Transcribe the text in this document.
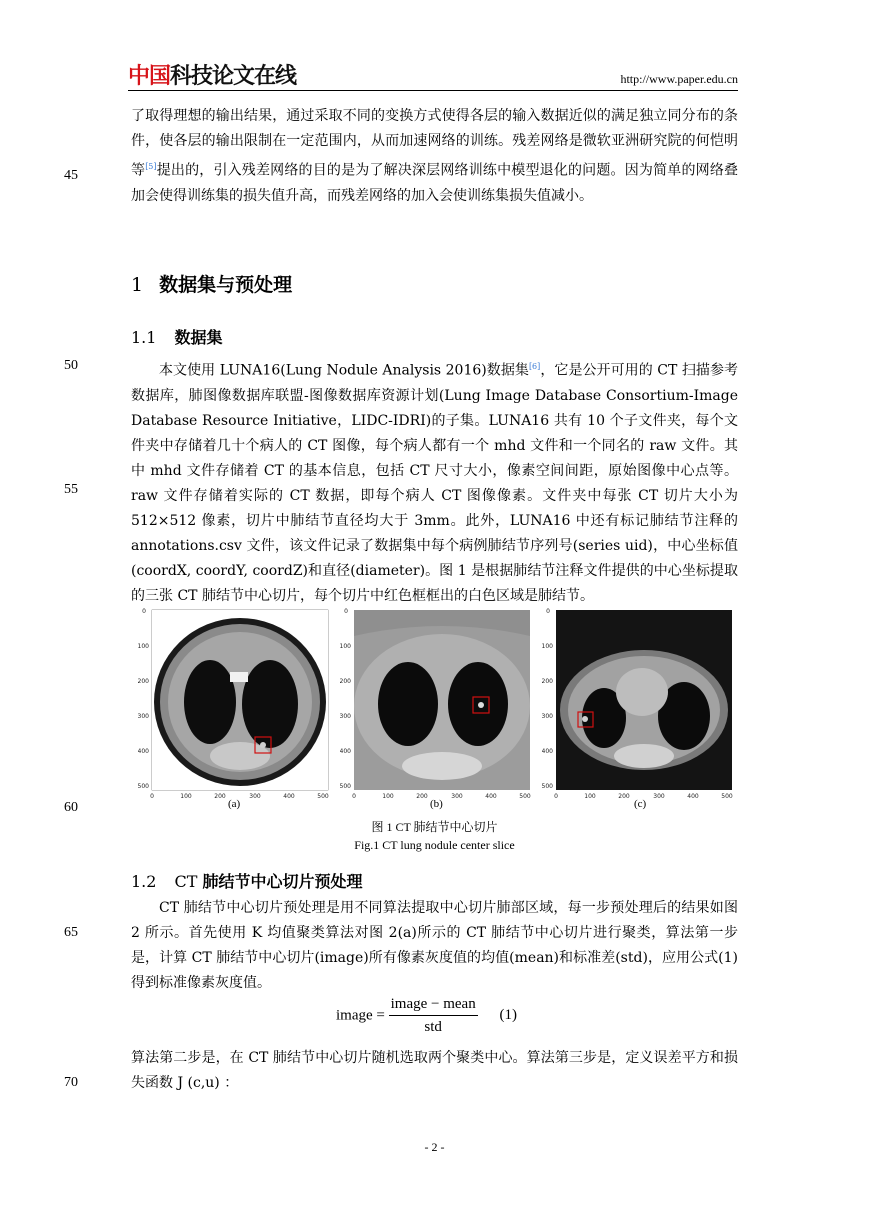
中国科技论文在线	http://www.paper.edu.cn

了取得理想的输出结果，通过采取不同的变换方式使得各层的输入数据近似的满足独立同分布的条件，使各层的输出限制在一定范围内，从而加速网络的训练。残差网络是微软亚洲研究院的何恺明等[5]提出的，引入残差网络的目的是为了解决深层网络训练中模型退化的问题。因为简单的网络叠加会使得训练集的损失值升高，而残差网络的加入会使训练集损失值减小。

45
50
55
60
65
70
1 数据集与预处理
1.1 数据集

本文使用 LUNA16(Lung Nodule Analysis 2016)数据集[6]，它是公开可用的 CT 扫描参考数据库，肺图像数据库联盟-图像数据库资源计划(Lung Image Database Consortium-Image Database Resource Initiative，LIDC-IDRI)的子集。LUNA16 共有 10 个子文件夹，每个文件夹中存储着几十个病人的 CT 图像，每个病人都有一个 mhd 文件和一个同名的 raw 文件。其中 mhd 文件存储着 CT 的基本信息，包括 CT 尺寸大小，像素空间间距，原始图像中心点等。raw 文件存储着实际的 CT 数据，即每个病人 CT 图像像素。文件夹中每张 CT 切片大小为 512×512 像素，切片中肺结节直径均大于 3mm。此外，LUNA16 中还有标记肺结节注释的 annotations.csv 文件，该文件记录了数据集中每个病例肺结节序列号(series uid)，中心坐标值(coordX, coordY, coordZ)和直径(diameter)。图 1 是根据肺结节注释文件提供的中心坐标提取的三张 CT 肺结节中心切片，每个切片中红色框框出的白色区域是肺结节。

0
100
200
300
400
500
0	100	200	300	400	500
(a)
0
100
200
300
400
500
0	100	200	300	400	500
(b)
0
100
200
300
400
500
0	100	200	300	400	500
(c)
图 1 CT 肺结节中心切片
Fig.1 CT lung nodule center slice
1.2 CT 肺结节中心切片预处理

CT 肺结节中心切片预处理是用不同算法提取中心切片肺部区域，每一步预处理后的结果如图 2 所示。首先使用 K 均值聚类算法对图 2(a)所示的 CT 肺结节中心切片进行聚类，算法第一步是，计算 CT 肺结节中心切片(image)所有像素灰度值的均值(mean)和标准差(std)，应用公式(1)得到标准像素灰度值。

image = $\frac{\text{image − mean}}{\text{std}} (1)$

算法第二步是，在 CT 肺结节中心切片随机选取两个聚类中心。算法第三步是，定义误差平方和损失函数 J (c,u) ：

- 2 -
